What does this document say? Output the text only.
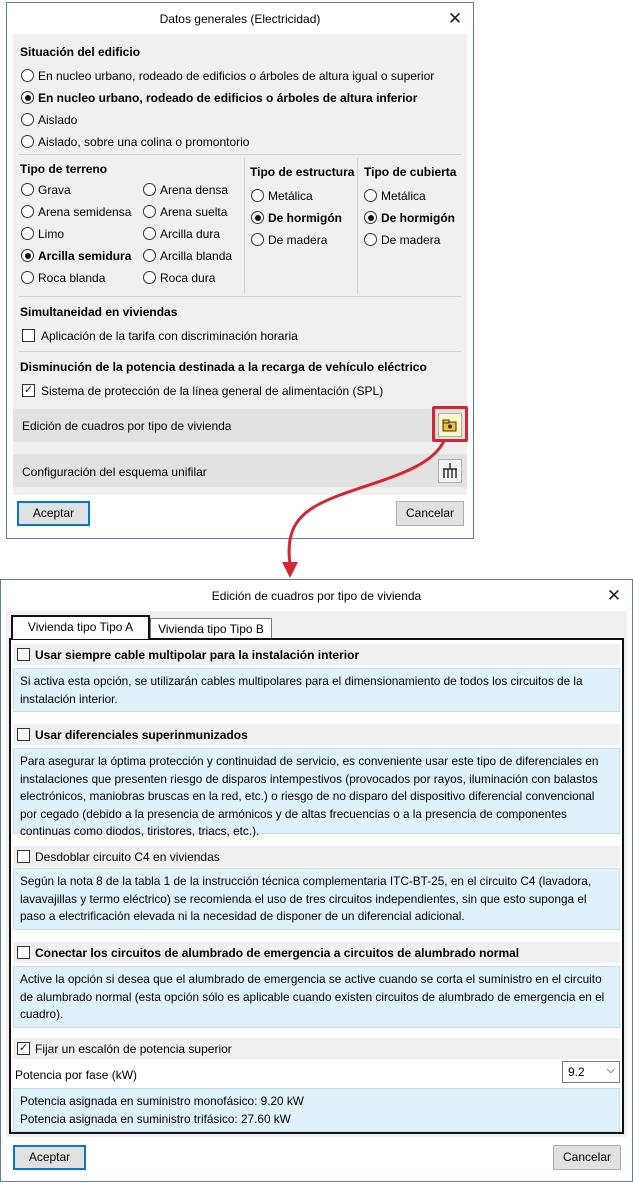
Datos generales (Electricidad)	✕
Situación del edificio
Tipo de terreno	Tipo de estructura Tipo de cubierta
Simultaneidad en viviendas
Aplicación de la tarifa con discriminación horaria
Disminución de la potencia destinada a la recarga de vehículo eléctrico
✓ Sistema de protección de la línea general de alimentación (SPL)
Edición de cuadros por tipo de vivienda
Configuración del esquema unifilar
En nucleo urbano, rodeado de edificios o árboles de altura igual o superior
En nucleo urbano, rodeado de edificios o árboles de altura inferior
Aislado
Aislado, sobre una colina o promontorio
Grava
Arena semidensa
Limo
Arcilla semidura
Roca blanda
Arena densa
Arena suelta
Arcilla dura
Arcilla blanda
Roca dura
Metálica
De hormigón
De madera
Metálica
De hormigón
De madera
Aceptar	Cancelar
Edición de cuadros por tipo de vivienda	✕
Vivienda tipo Tipo A	Vivienda tipo Tipo B
Usar siempre cable multipolar para la instalación interior
Si activa esta opción, se utilizarán cables multipolares para el dimensionamiento de todos los circuitos de la instalación interior.
Usar diferenciales superinmunizados
Para asegurar la óptima protección y continuidad de servicio, es conveniente usar este tipo de diferenciales en instalaciones que presenten riesgo de disparos intempestivos (provocados por rayos, iluminación con balastos electrónicos, maniobras bruscas en la red, etc.) o riesgo de no disparo del dispositivo diferencial convencional por cegado (debido a la presencia de armónicos y de altas frecuencias o a la presencia de componentes continuas como diodos, tiristores, triacs, etc.).
Desdoblar circuito C4 en viviendas
Según la nota 8 de la tabla 1 de la instrucción técnica complementaria ITC-BT-25, en el circuito C4 (lavadora, lavavajillas y termo eléctrico) se recomienda el uso de tres circuitos independientes, sin que esto suponga el paso a electrificación elevada ni la necesidad de disponer de un diferencial adicional.
Conectar los circuitos de alumbrado de emergencia a circuitos de alumbrado normal
Active la opción si desea que el alumbrado de emergencia se active cuando se corta el suministro en el circuito de alumbrado normal (esta opción sólo es aplicable cuando existen circuitos de alumbrado de emergencia en el cuadro).
✓ Fijar un escalón de potencia superior
Potencia por fase (kW)	9.2 ⌵
Potencia asignada en suministro monofásico: 9.20 kW
Potencia asignada en suministro trifásico: 27.60 kW
Aceptar	Cancelar
